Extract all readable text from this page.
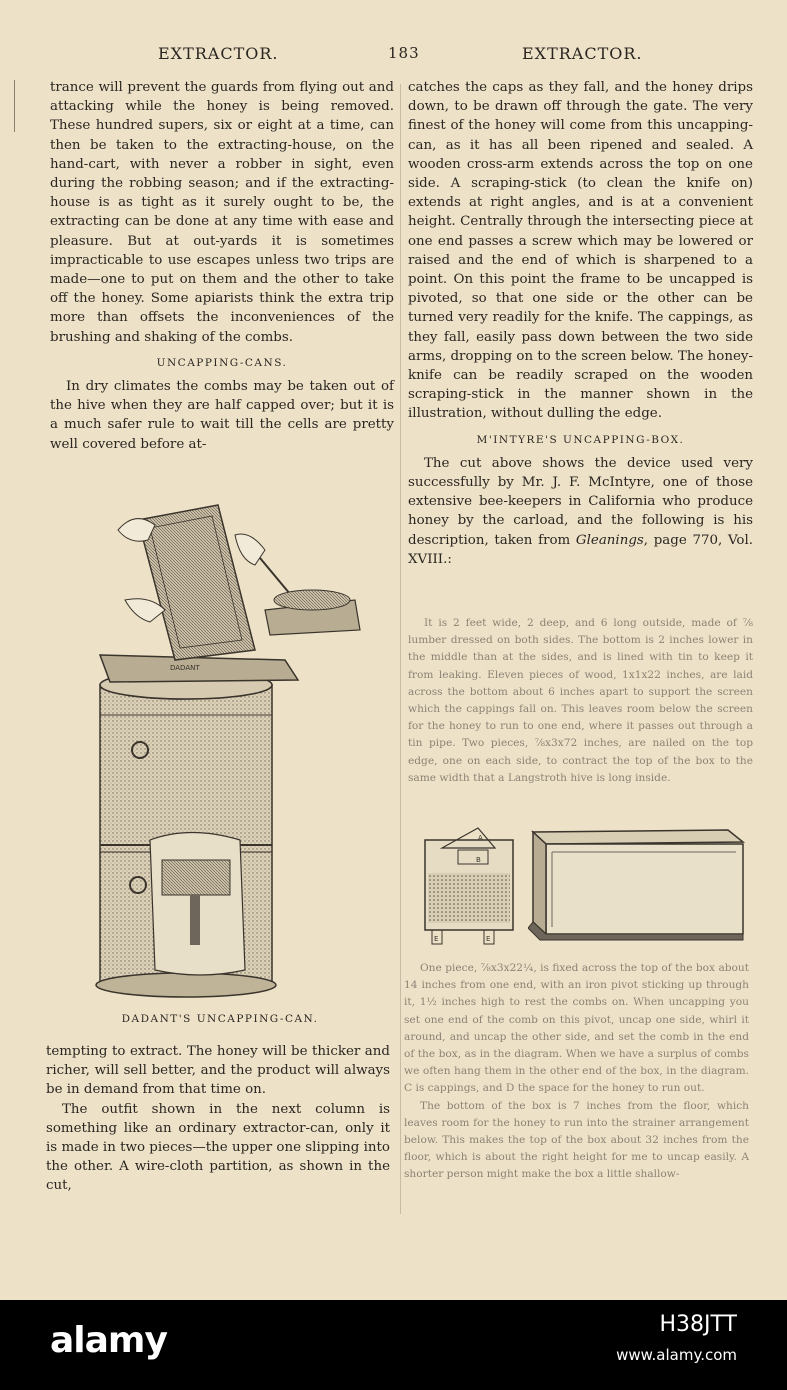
EXTRACTOR.	183	EXTRACTOR.

trance will prevent the guards from flying out and attacking while the honey is being removed. These hundred supers, six or eight at a time, can then be taken to the extracting-house, on the hand-cart, with never a robber in sight, even during the robbing season; and if the extracting-house is as tight as it surely ought to be, the extracting can be done at any time with ease and pleasure. But at out-yards it is sometimes impracticable to use escapes unless two trips are made—one to put on them and the other to take off the honey. Some apiarists think the extra trip more than offsets the inconveniences of the brushing and shaking of the combs.

UNCAPPING-CANS.

In dry climates the combs may be taken out of the hive when they are half capped over; but it is a much safer rule to wait till the cells are pretty well covered before at-

DADANT
DADANT'S UNCAPPING-CAN.

tempting to extract. The honey will be thicker and richer, will sell better, and the product will always be in demand from that time on.

The outfit shown in the next column is something like an ordinary extractor-can, only it is made in two pieces—the upper one slipping into the other. A wire-cloth partition, as shown in the cut,

catches the caps as they fall, and the honey drips down, to be drawn off through the gate. The very finest of the honey will come from this uncapping-can, as it has all been ripened and sealed. A wooden cross-arm extends across the top on one side. A scraping-stick (to clean the knife on) extends at right angles, and is at a convenient height. Centrally through the intersecting piece at one end passes a screw which may be lowered or raised and the end of which is sharpened to a point. On this point the frame to be uncapped is pivoted, so that one side or the other can be turned very readily for the knife. The cappings, as they fall, easily pass down between the two side arms, dropping on to the screen below. The honey-knife can be readily scraped on the wooden scraping-stick in the manner shown in the illustration, without dulling the edge.

M'INTYRE'S UNCAPPING-BOX.

The cut above shows the device used very successfully by Mr. J. F. McIntyre, one of those extensive bee-keepers in California who produce honey by the carload, and the following is his description, taken from Gleanings, page 770, Vol. XVIII.:

It is 2 feet wide, 2 deep, and 6 long outside, made of ⅞ lumber dressed on both sides. The bottom is 2 inches lower in the middle than at the sides, and is lined with tin to keep it from leaking. Eleven pieces of wood, 1x1x22 inches, are laid across the bottom about 6 inches apart to support the screen which the cappings fall on. This leaves room below the screen for the honey to run to one end, where it passes out through a tin pipe. Two pieces, ⅞x3x72 inches, are nailed on the top edge, one on each side, to contract the top of the box to the same width that a Langstroth hive is long inside.

A
B
E	E

One piece, ⅞x3x22¼, is fixed across the top of the box about 14 inches from one end, with an iron pivot sticking up through it, 1½ inches high to rest the combs on. When uncapping you set one end of the comb on this pivot, uncap one side, whirl it around, and uncap the other side, and set the comb in the end of the box, as in the diagram. When we have a surplus of combs we often hang them in the other end of the box, in the diagram. C is cappings, and D the space for the honey to run out.

The bottom of the box is 7 inches from the floor, which leaves room for the honey to run into the strainer arrangement below. This makes the top of the box about 32 inches from the floor, which is about the right height for me to uncap easily. A shorter person might make the box a little shallow-

alamy	H38JTT
www.alamy.com
